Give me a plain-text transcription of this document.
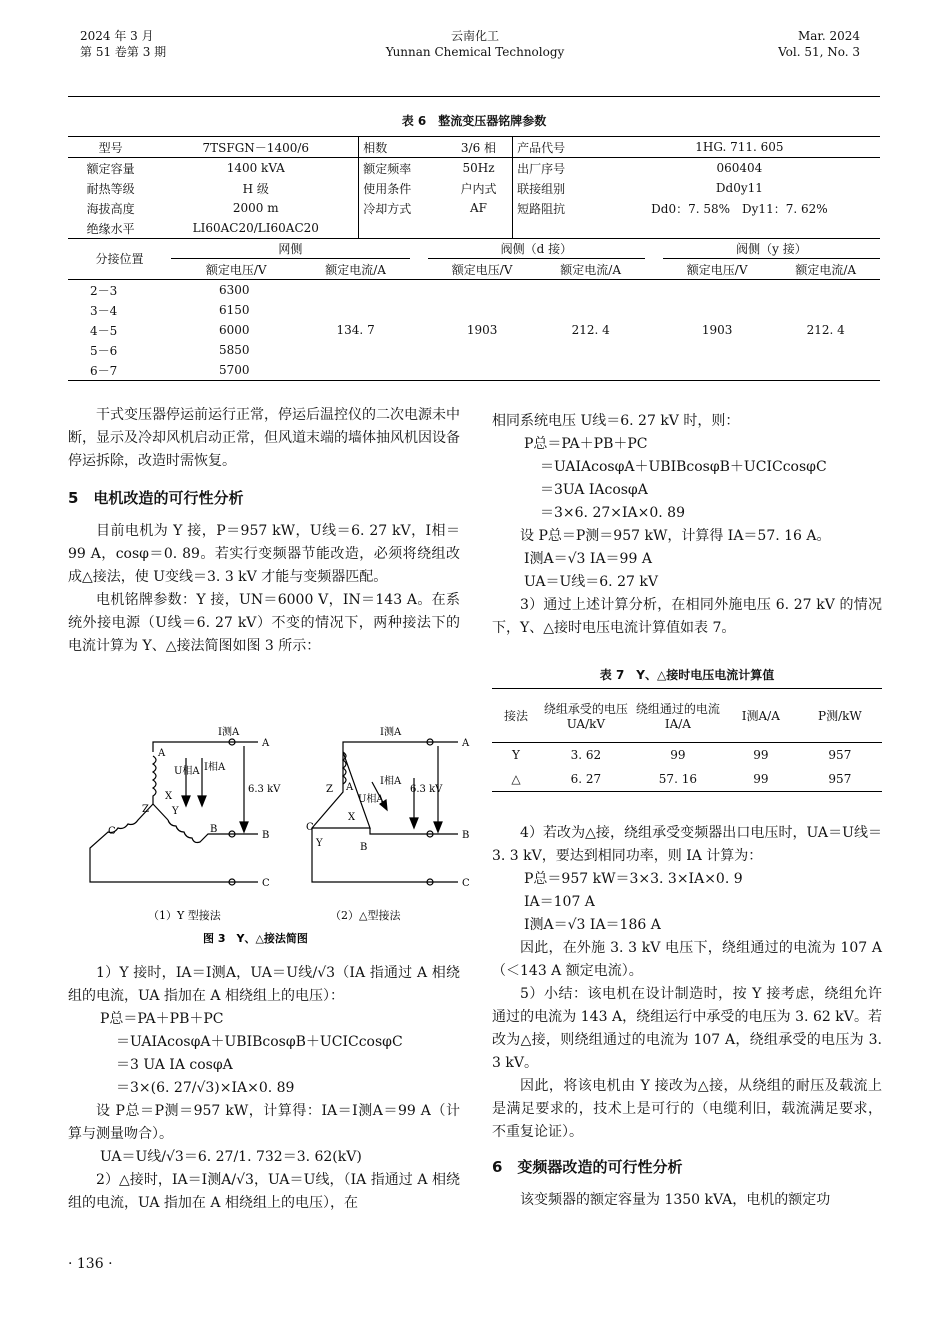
2024 年 3 月
第 51 卷第 3 期
云南化工
Yunnan Chemical Technology
Mar. 2024
Vol. 51, No. 3
表 6　整流变压器铭牌参数
型号	7TSFGN－1400/6	相数	3/6 相	产品代号	1HG. 711. 605
额定容量	1400 kVA	额定频率	50Hz	出厂序号	060404
耐热等级	H 级	使用条件	户内式	联接组别	Dd0y11
海拔高度	2000 m	冷却方式	AF	短路阻抗	Dd0：7. 58%　Dy11：7. 62%
绝缘水平	LI60AC20/LI60AC20				
分接位置	网侧			阀侧（d 接）			阀侧（y 接）	
	额定电压/V	额定电流/A		额定电压/V	额定电流/A		额定电压/V	额定电流/A
2－3	6300	134. 7		1903	212. 4		1903	212. 4
3－4	6150							
4－5	6000							
5－6	5850							
6－7	5700							

干式变压器停运前运行正常，停运后温控仪的二次电源未中断，显示及冷却风机启动正常，但风道末端的墙体抽风机因设备停运拆除，改造时需恢复。

5　电机改造的可行性分析

目前电机为 Y 接，P＝957 kW，U线＝6. 27 kV，I相＝99 A，cosφ＝0. 89。若实行变频器节能改造，必须将绕组改成△接法，使 U变线＝3. 3 kV 才能与变频器匹配。

电机铭牌参数：Y 接，UN＝6000 V，IN＝143 A。在系统外接电源（U线＝6. 27 kV）不变的情况下，两种接法下的电流计算为 Y、△接法简图如图 3 所示：

I测A
A
B
C
A
X
Z Y
C	B
U相A I相A
6.3 kV
I测A
A
B
C
Z A
X
C
Y	B
U相A
I相A
6.3 kV
（1）Y 型接法	（2）△型接法
图 3　Y、△接法简图

1）Y 接时，IA＝I测A，UA＝U线/√3（IA 指通过 A 相绕组的电流，UA 指加在 A 相绕组上的电压）：

P总＝PA＋PB＋PC

＝UAIAcosφA＋UBIBcosφB＋UCICcosφC

＝3 UA IA cosφA

＝3×(6. 27/√3)×IA×0. 89

设 P总＝P测＝957 kW，计算得：IA＝I测A＝99 A（计算与测量吻合）。

UA＝U线/√3＝6. 27/1. 732＝3. 62(kV)

2）△接时，IA＝I测A/√3，UA＝U线，（IA 指通过 A 相绕组的电流，UA 指加在 A 相绕组上的电压），在

· 136 ·

相同系统电压 U线＝6. 27 kV 时，则：

P总＝PA＋PB＋PC

＝UAIAcosφA＋UBIBcosφB＋UCICcosφC

＝3UA IAcosφA

＝3×6. 27×IA×0. 89

设 P总＝P测＝957 kW，计算得 IA＝57. 16 A。

I测A＝√3 IA＝99 A

UA＝U线＝6. 27 kV

3）通过上述计算分析，在相同外施电压 6. 27 kV 的情况下，Y、△接时电压电流计算值如表 7。

表 7　Y、△接时电压电流计算值
接法	绕组承受的电压 UA/kV	绕组通过的电流 IA/A	I测A/A	P测/kW
Y	3. 62	99	99	957
△	6. 27	57. 16	99	957

4）若改为△接，绕组承受变频器出口电压时，UA＝U线＝3. 3 kV，要达到相同功率，则 IA 计算为：

P总＝957 kW＝3×3. 3×IA×0. 9

IA＝107 A

I测A＝√3 IA＝186 A

因此，在外施 3. 3 kV 电压下，绕组通过的电流为 107 A（＜143 A 额定电流）。

5）小结：该电机在设计制造时，按 Y 接考虑，绕组允许通过的电流为 143 A，绕组运行中承受的电压为 3. 62 kV。若改为△接，则绕组通过的电流为 107 A，绕组承受的电压为 3. 3 kV。

因此，将该电机由 Y 接改为△接，从绕组的耐压及载流上是满足要求的，技术上是可行的（电缆利旧，载流满足要求，不重复论证）。

6　变频器改造的可行性分析

该变频器的额定容量为 1350 kVA，电机的额定功
